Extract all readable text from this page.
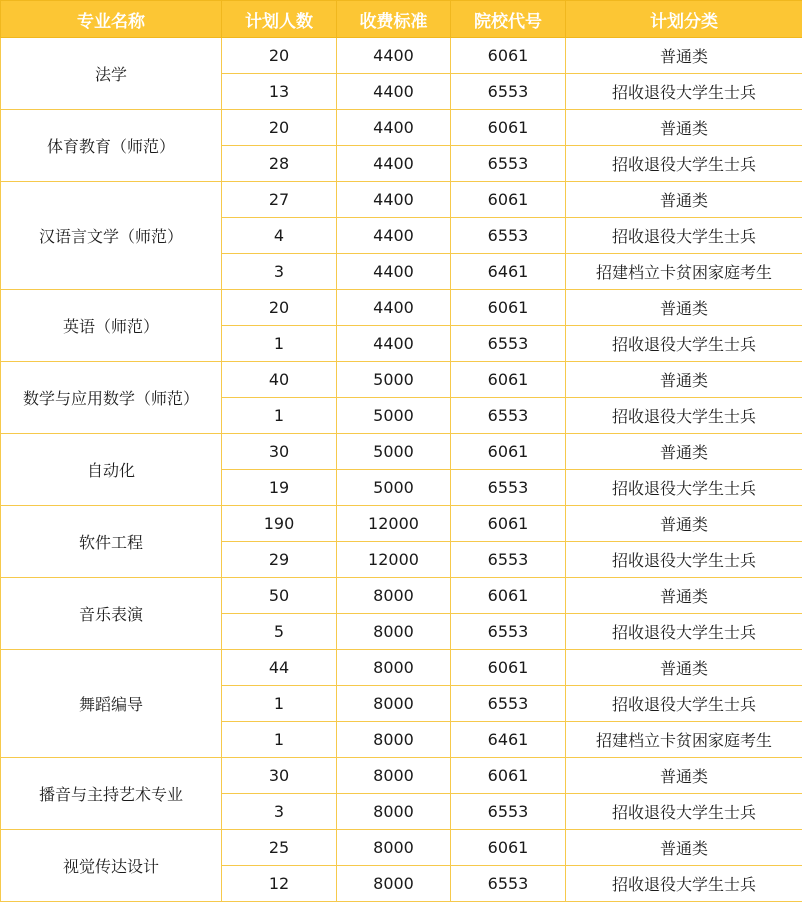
专业名称	计划人数	收费标准	院校代号	计划分类
法学	20	4400	6061	普通类
	13	4400	6553	招收退役大学生士兵
体育教育（师范）	20	4400	6061	普通类
	28	4400	6553	招收退役大学生士兵
汉语言文学（师范）	27	4400	6061	普通类
	4	4400	6553	招收退役大学生士兵
	3	4400	6461	招建档立卡贫困家庭考生
英语（师范）	20	4400	6061	普通类
	1	4400	6553	招收退役大学生士兵
数学与应用数学（师范）	40	5000	6061	普通类
	1	5000	6553	招收退役大学生士兵
自动化	30	5000	6061	普通类
	19	5000	6553	招收退役大学生士兵
软件工程	190	12000	6061	普通类
	29	12000	6553	招收退役大学生士兵
音乐表演	50	8000	6061	普通类
	5	8000	6553	招收退役大学生士兵
舞蹈编导	44	8000	6061	普通类
	1	8000	6553	招收退役大学生士兵
	1	8000	6461	招建档立卡贫困家庭考生
播音与主持艺术专业	30	8000	6061	普通类
	3	8000	6553	招收退役大学生士兵
视觉传达设计	25	8000	6061	普通类
	12	8000	6553	招收退役大学生士兵
